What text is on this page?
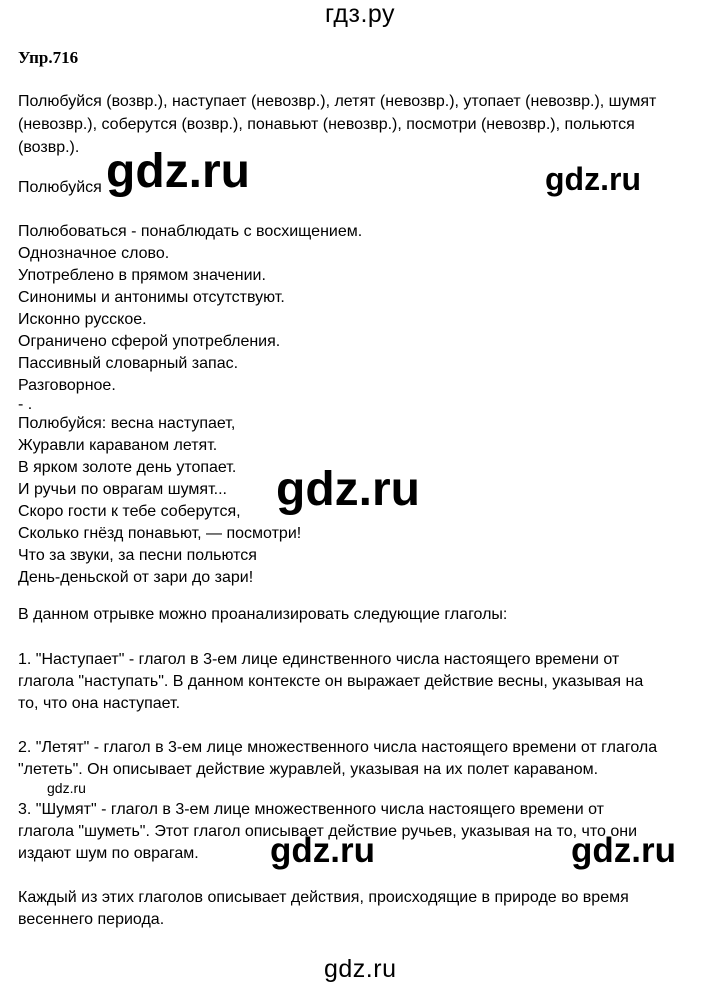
гдз.ру
Упр.716
Полюбуйся (возвр.), наступает (невозвр.), летят (невозвр.), утопает (невозвр.), шумят
(невозвр.), соберутся (возвр.), понавьют (невозвр.), посмотри (невозвр.), польются
(возвр.).
Полюбуйся
Полюбоваться - понаблюдать с восхищением.
Однозначное слово.
Употреблено в прямом значении.
Синонимы и антонимы отсутствуют.
Исконно русское.
Ограничено сферой употребления.
Пассивный словарный запас.
Разговорное.
- .
Полюбуйся: весна наступает,
Журавли караваном летят.
В ярком золоте день утопает.
И ручьи по оврагам шумят...
Скоро гости к тебе соберутся,
Сколько гнёзд понавьют, — посмотри!
Что за звуки, за песни польются
День-деньской от зари до зари!
В данном отрывке можно проанализировать следующие глаголы:
1. "Наступает" - глагол в 3-ем лице единственного числа настоящего времени от
глагола "наступать". В данном контексте он выражает действие весны, указывая на
то, что она наступает.
2. "Летят" - глагол в 3-ем лице множественного числа настоящего времени от глагола
"лететь". Он описывает действие журавлей, указывая на их полет караваном.
3. "Шумят" - глагол в 3-ем лице множественного числа настоящего времени от
глагола "шуметь". Этот глагол описывает действие ручьев, указывая на то, что они
издают шум по оврагам.
Каждый из этих глаголов описывает действия, происходящие в природе во время
весеннего периода.
gdz.ru	gdz.ru
gdz.ru
gdz.ru
gdz.ru	gdz.ru
gdz.ru
